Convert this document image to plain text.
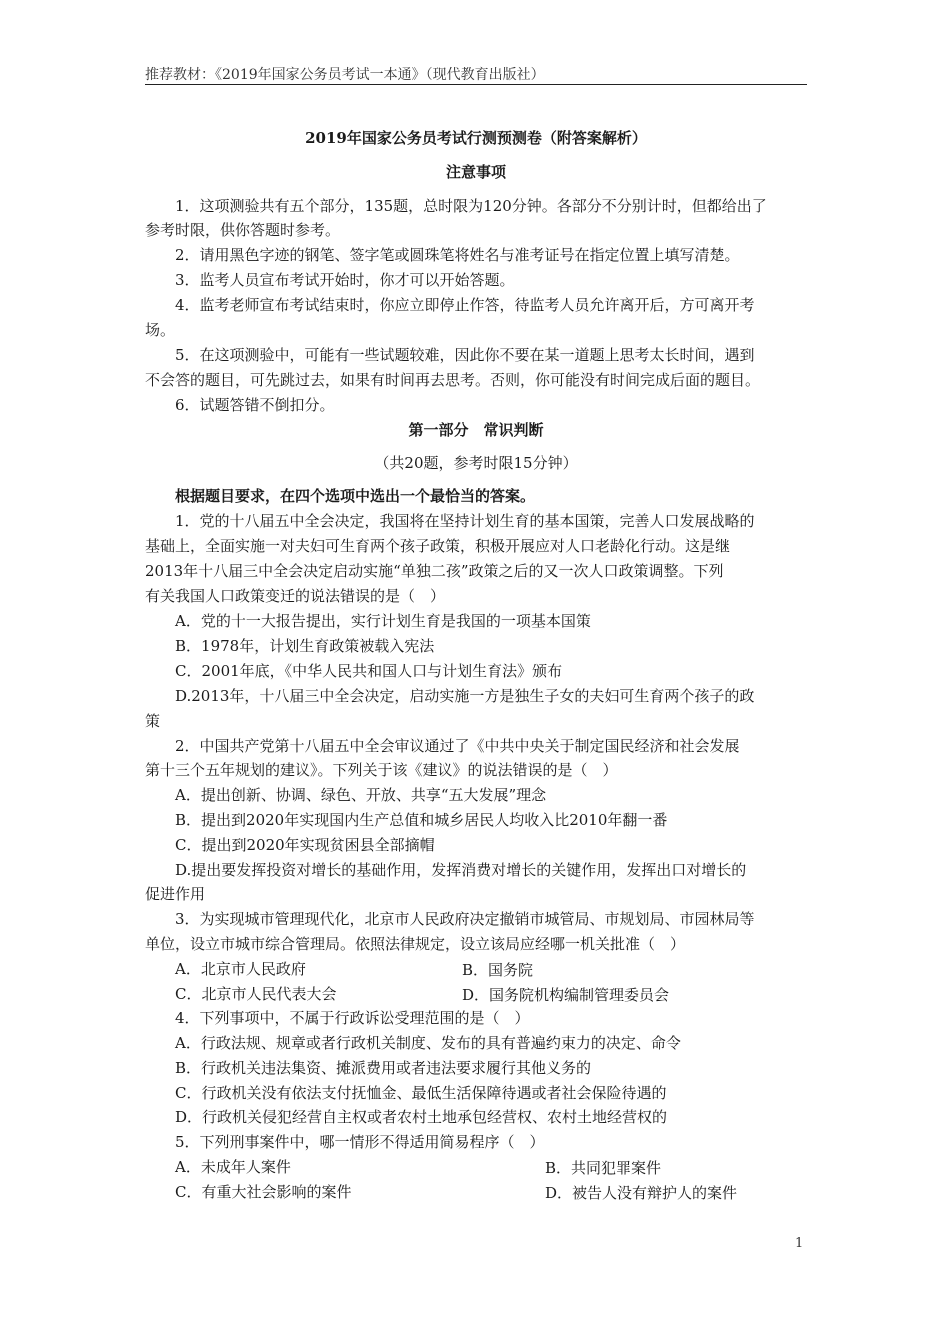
推荐教材：《2019年国家公务员考试一本通》（现代教育出版社）
2019年国家公务员考试行测预测卷（附答案解析）
注意事项
1．这项测验共有五个部分，135题，总时限为120分钟。各部分不分别计时，但都给出了
参考时限，供你答题时参考。
2．请用黑色字迹的钢笔、签字笔或圆珠笔将姓名与准考证号在指定位置上填写清楚。
3．监考人员宣布考试开始时，你才可以开始答题。
4．监考老师宣布考试结束时，你应立即停止作答，待监考人员允许离开后，方可离开考
场。
5．在这项测验中，可能有一些试题较难，因此你不要在某一道题上思考太长时间，遇到
不会答的题目，可先跳过去，如果有时间再去思考。否则，你可能没有时间完成后面的题目。
6．试题答错不倒扣分。
第一部分　常识判断
（共20题，参考时限15分钟）
根据题目要求，在四个选项中选出一个最恰当的答案。
1．党的十八届五中全会决定，我国将在坚持计划生育的基本国策，完善人口发展战略的
基础上，全面实施一对夫妇可生育两个孩子政策，积极开展应对人口老龄化行动。这是继
2013年十八届三中全会决定启动实施“单独二孩”政策之后的又一次人口政策调整。下列
有关我国人口政策变迁的说法错误的是（　）
A．党的十一大报告提出，实行计划生育是我国的一项基本国策
B．1978年，计划生育政策被载入宪法
C．2001年底，《中华人民共和国人口与计划生育法》颁布
D.2013年，十八届三中全会决定，启动实施一方是独生子女的夫妇可生育两个孩子的政
策
2．中国共产党第十八届五中全会审议通过了《中共中央关于制定国民经济和社会发展
第十三个五年规划的建议》。下列关于该《建议》的说法错误的是（　）
A．提出创新、协调、绿色、开放、共享“五大发展”理念
B．提出到2020年实现国内生产总值和城乡居民人均收入比2010年翻一番
C．提出到2020年实现贫困县全部摘帽
D.提出要发挥投资对增长的基础作用，发挥消费对增长的关键作用，发挥出口对增长的
促进作用
3．为实现城市管理现代化，北京市人民政府决定撤销市城管局、市规划局、市园林局等
单位，设立市城市综合管理局。依照法律规定，设立该局应经哪一机关批准（　）
A．北京市人民政府	B．国务院
C．北京市人民代表大会	D．国务院机构编制管理委员会
4．下列事项中，不属于行政诉讼受理范围的是（　）
A．行政法规、规章或者行政机关制度、发布的具有普遍约束力的决定、命令
B．行政机关违法集资、摊派费用或者违法要求履行其他义务的
C．行政机关没有依法支付抚恤金、最低生活保障待遇或者社会保险待遇的
D．行政机关侵犯经营自主权或者农村土地承包经营权、农村土地经营权的
5．下列刑事案件中，哪一情形不得适用简易程序（　）
A．未成年人案件	B．共同犯罪案件
C．有重大社会影响的案件	D．被告人没有辩护人的案件
1
